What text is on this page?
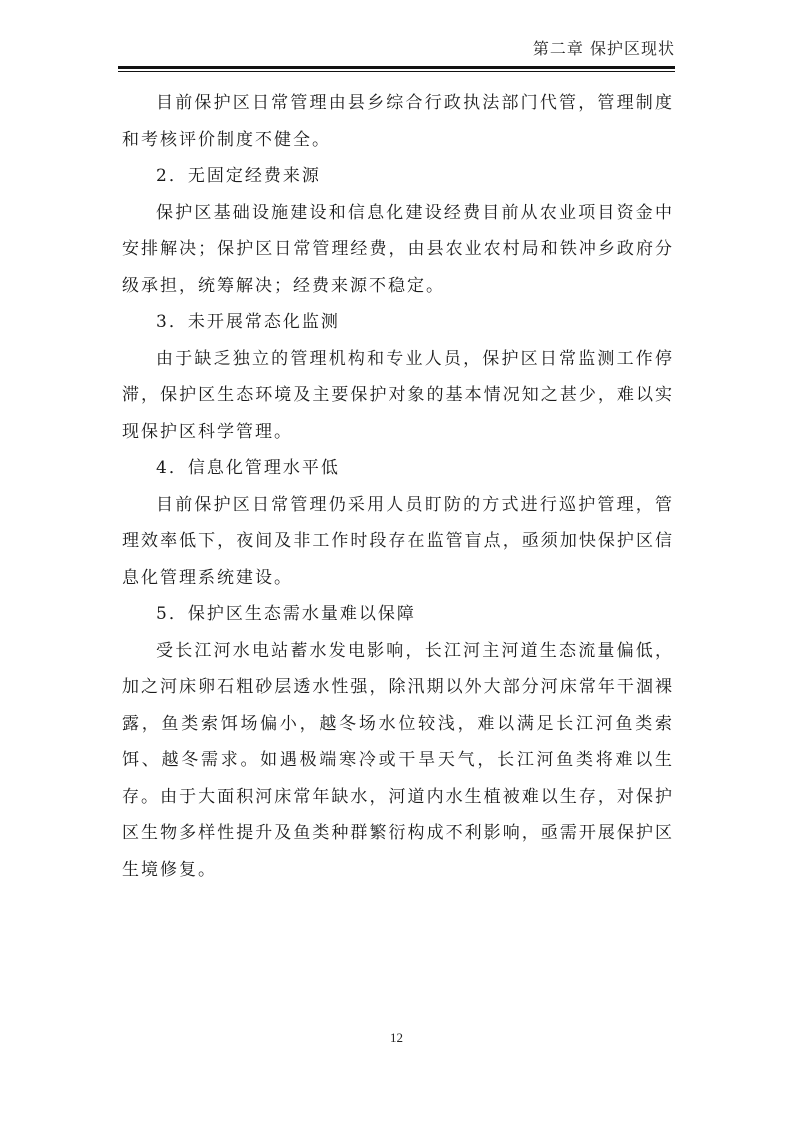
第二章 保护区现状

目前保护区日常管理由县乡综合行政执法部门代管，管理制度和考核评价制度不健全。

2．无固定经费来源

保护区基础设施建设和信息化建设经费目前从农业项目资金中安排解决；保护区日常管理经费，由县农业农村局和铁冲乡政府分级承担，统筹解决；经费来源不稳定。

3．未开展常态化监测

由于缺乏独立的管理机构和专业人员，保护区日常监测工作停滞，保护区生态环境及主要保护对象的基本情况知之甚少，难以实现保护区科学管理。

4．信息化管理水平低

目前保护区日常管理仍采用人员盯防的方式进行巡护管理，管理效率低下，夜间及非工作时段存在监管盲点，亟须加快保护区信息化管理系统建设。

5．保护区生态需水量难以保障

受长江河水电站蓄水发电影响，长江河主河道生态流量偏低，加之河床卵石粗砂层透水性强，除汛期以外大部分河床常年干涸裸露，鱼类索饵场偏小，越冬场水位较浅，难以满足长江河鱼类索饵、越冬需求。如遇极端寒冷或干旱天气，长江河鱼类将难以生存。由于大面积河床常年缺水，河道内水生植被难以生存，对保护区生物多样性提升及鱼类种群繁衍构成不利影响，亟需开展保护区生境修复。

12
